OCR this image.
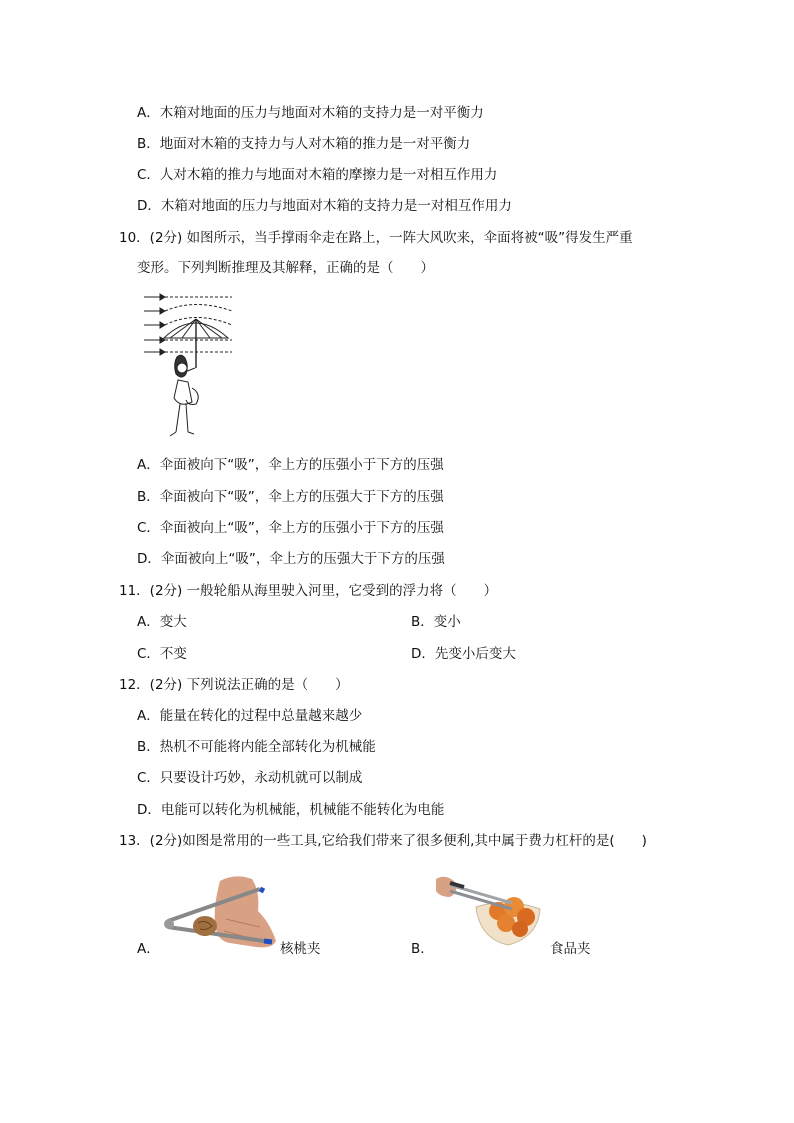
A．木箱对地面的压力与地面对木箱的支持力是一对平衡力
B．地面对木箱的支持力与人对木箱的推力是一对平衡力
C．人对木箱的推力与地面对木箱的摩擦力是一对相互作用力
D．木箱对地面的压力与地面对木箱的支持力是一对相互作用力
10．(2分) 如图所示，当手撑雨伞走在路上，一阵大风吹来，伞面将被“吸”得发生严重
变形。下列判断推理及其解释，正确的是（　　）
A．伞面被向下“吸”，伞上方的压强小于下方的压强
B．伞面被向下“吸”，伞上方的压强大于下方的压强
C．伞面被向上“吸”，伞上方的压强小于下方的压强
D．伞面被向上“吸”，伞上方的压强大于下方的压强
11．(2分) 一般轮船从海里驶入河里，它受到的浮力将（　　）
A．变大	B．变小
C．不变	D．先变小后变大
12．(2分) 下列说法正确的是（　　）
A．能量在转化的过程中总量越来越少
B．热机不可能将内能全部转化为机械能
C．只要设计巧妙，永动机就可以制成
D．电能可以转化为机械能，机械能不能转化为电能
13．(2分)如图是常用的一些工具,它给我们带来了很多便利,其中属于费力杠杆的是(　　)
A．	核桃夹	B．	食品夹
